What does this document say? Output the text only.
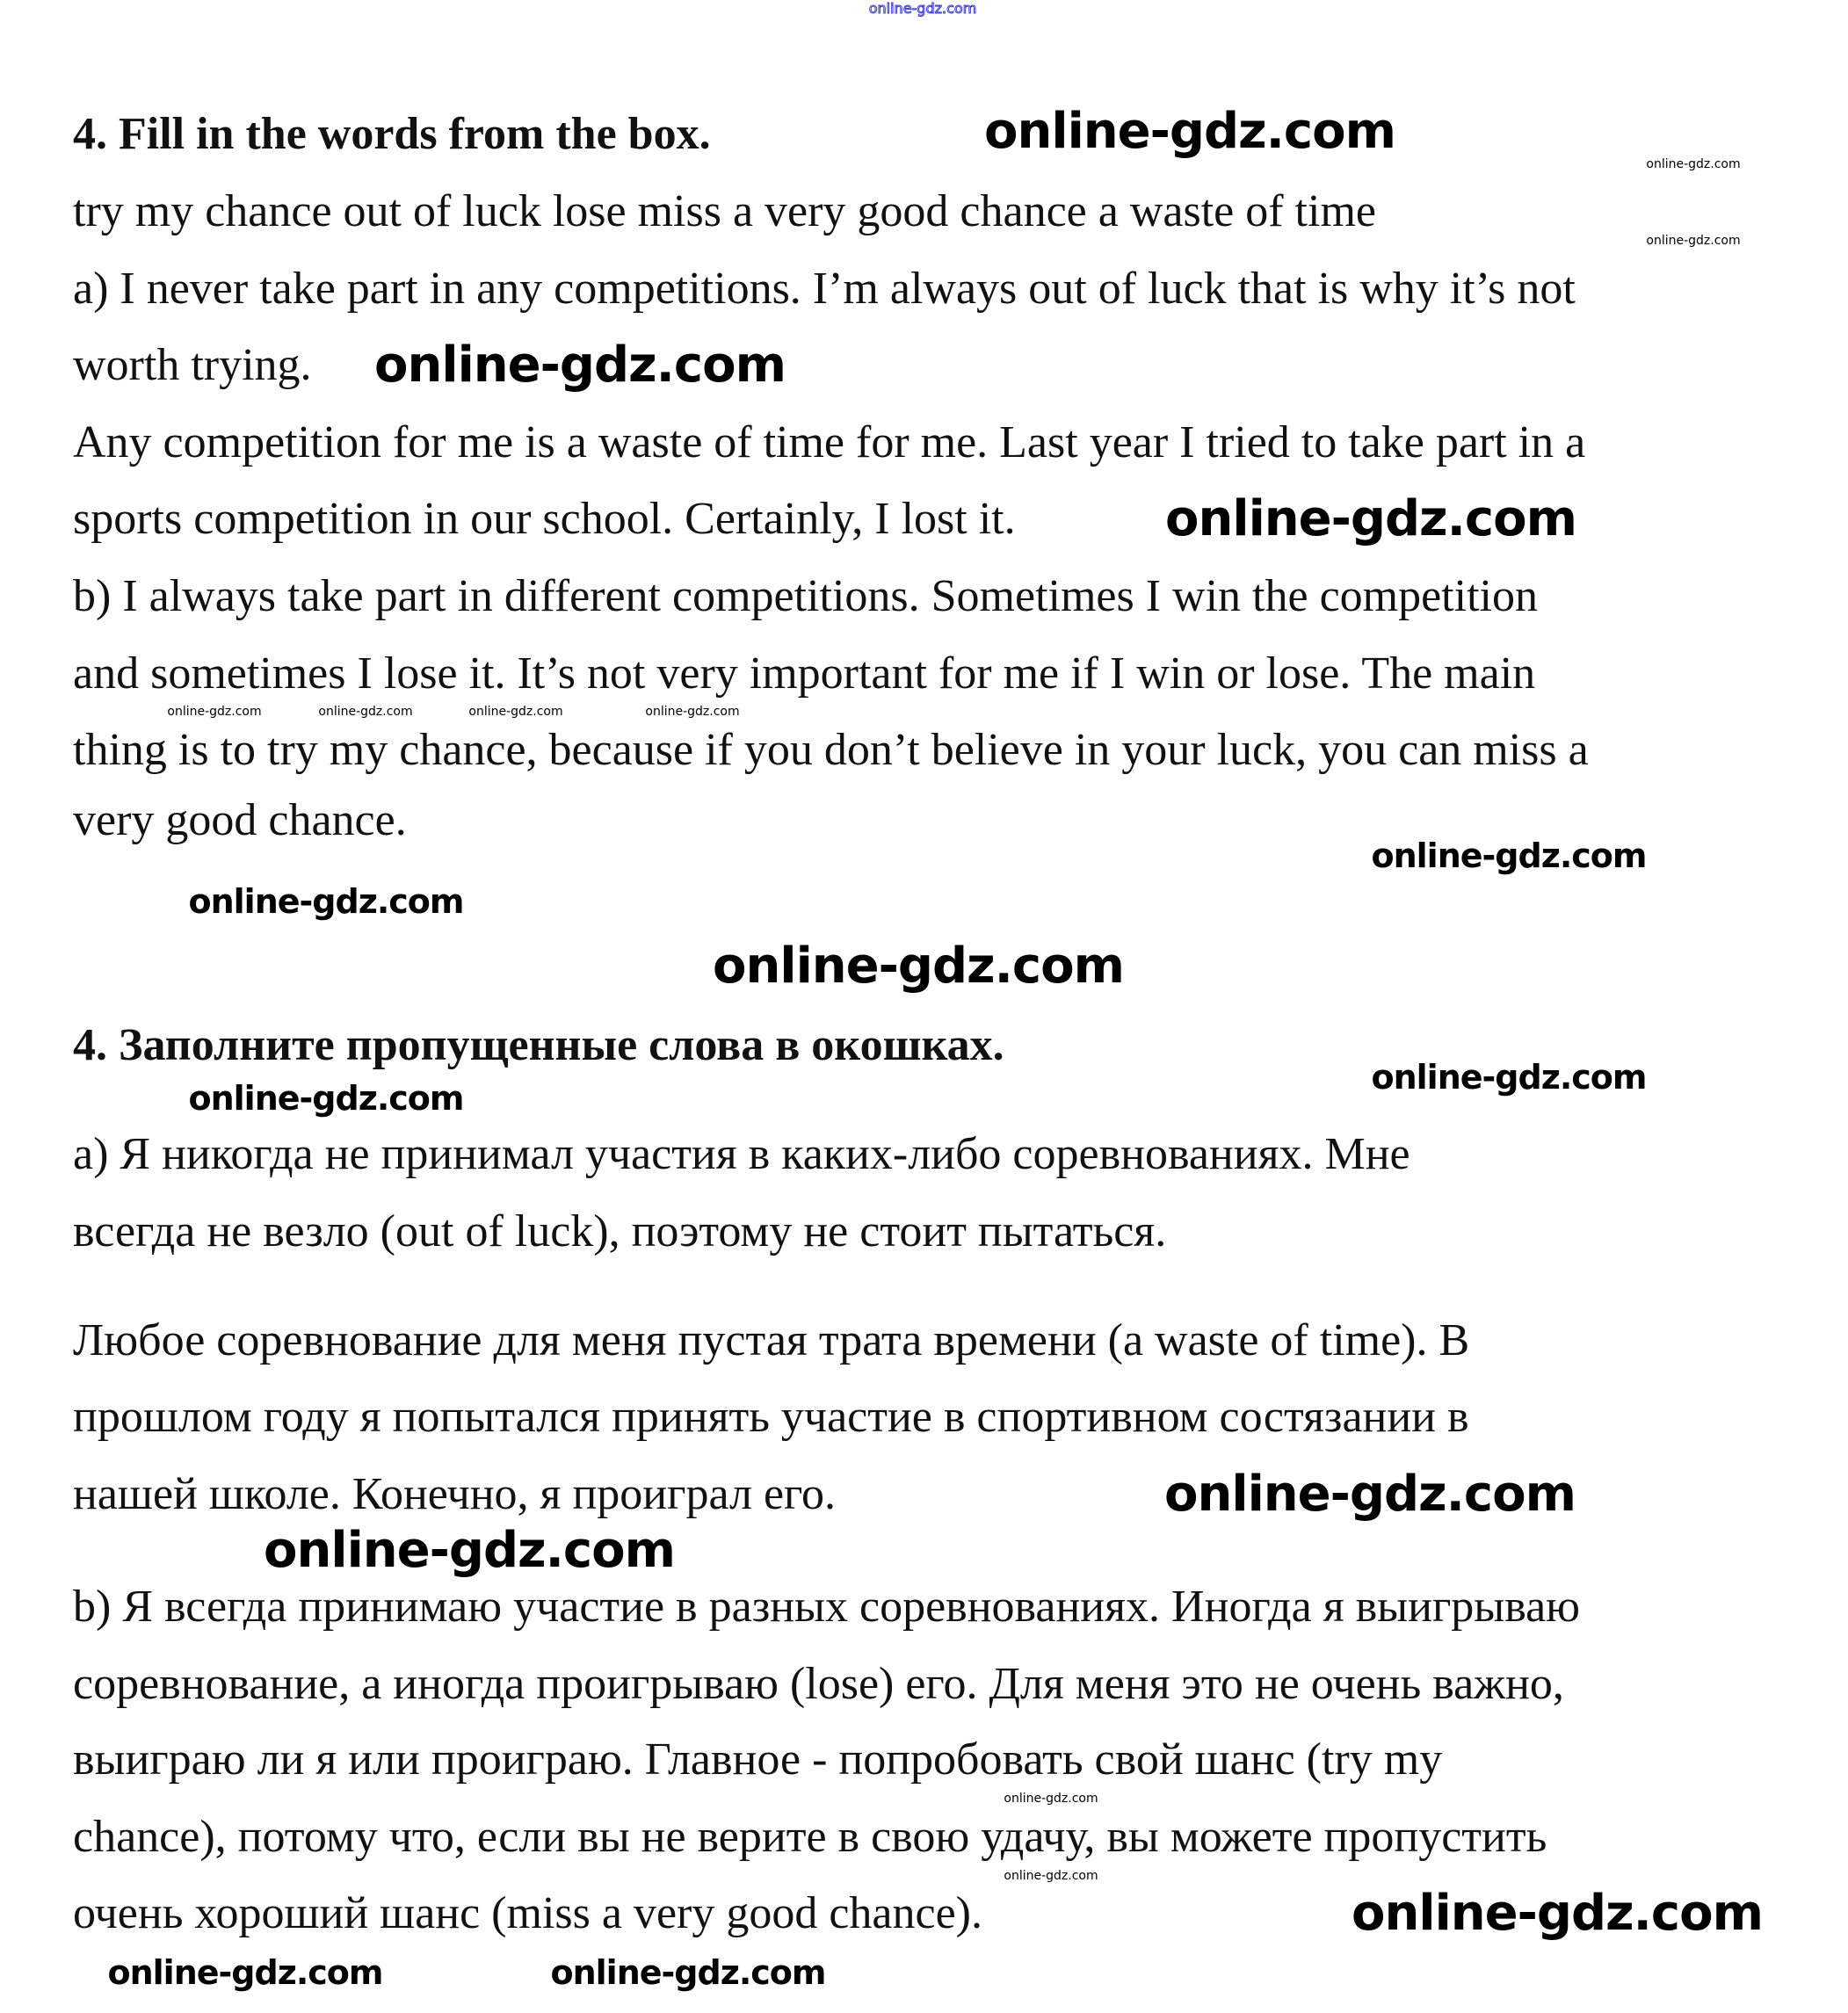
4. Fill in the words from the box.
try my chance out of luck lose miss a very good chance a waste of time
a) I never take part in any competitions. I’m always out of luck that is why it’s not
worth trying.
Any competition for me is a waste of time for me. Last year I tried to take part in a
sports competition in our school. Certainly, I lost it.
b) I always take part in different competitions. Sometimes I win the competition
and sometimes I lose it. It’s not very important for me if I win or lose. The main
thing is to try my chance, because if you don’t believe in your luck, you can miss a
very good chance.
4. Заполните пропущенные слова в окошках.
а) Я никогда не принимал участия в каких-либо соревнованиях. Мне
всегда не везло (out of luck), поэтому не стоит пытаться.
Любое соревнование для меня пустая трата времени (a waste of time). В
прошлом году я попытался принять участие в спортивном состязании в
нашей школе. Конечно, я проиграл его.
b) Я всегда принимаю участие в разных соревнованиях. Иногда я выигрываю
соревнование, а иногда проигрываю (lose) его. Для меня это не очень важно,
выиграю ли я или проиграю. Главное - попробовать свой шанс (try my
chance), потому что, если вы не верите в свою удачу, вы можете пропустить
очень хороший шанс (miss a very good chance).
online-gdz.com
online-gdz.com
online-gdz.com
online-gdz.com
online-gdz.com
online-gdz.com
online-gdz.com
online-gdz.com
online-gdz.com
online-gdz.com
online-gdz.com
online-gdz.com
online-gdz.com	online-gdz.com
online-gdz.com
online-gdz.com
online-gdz.com	online-gdz.com	online-gdz.com	online-gdz.com
online-gdz.com
online-gdz.com
